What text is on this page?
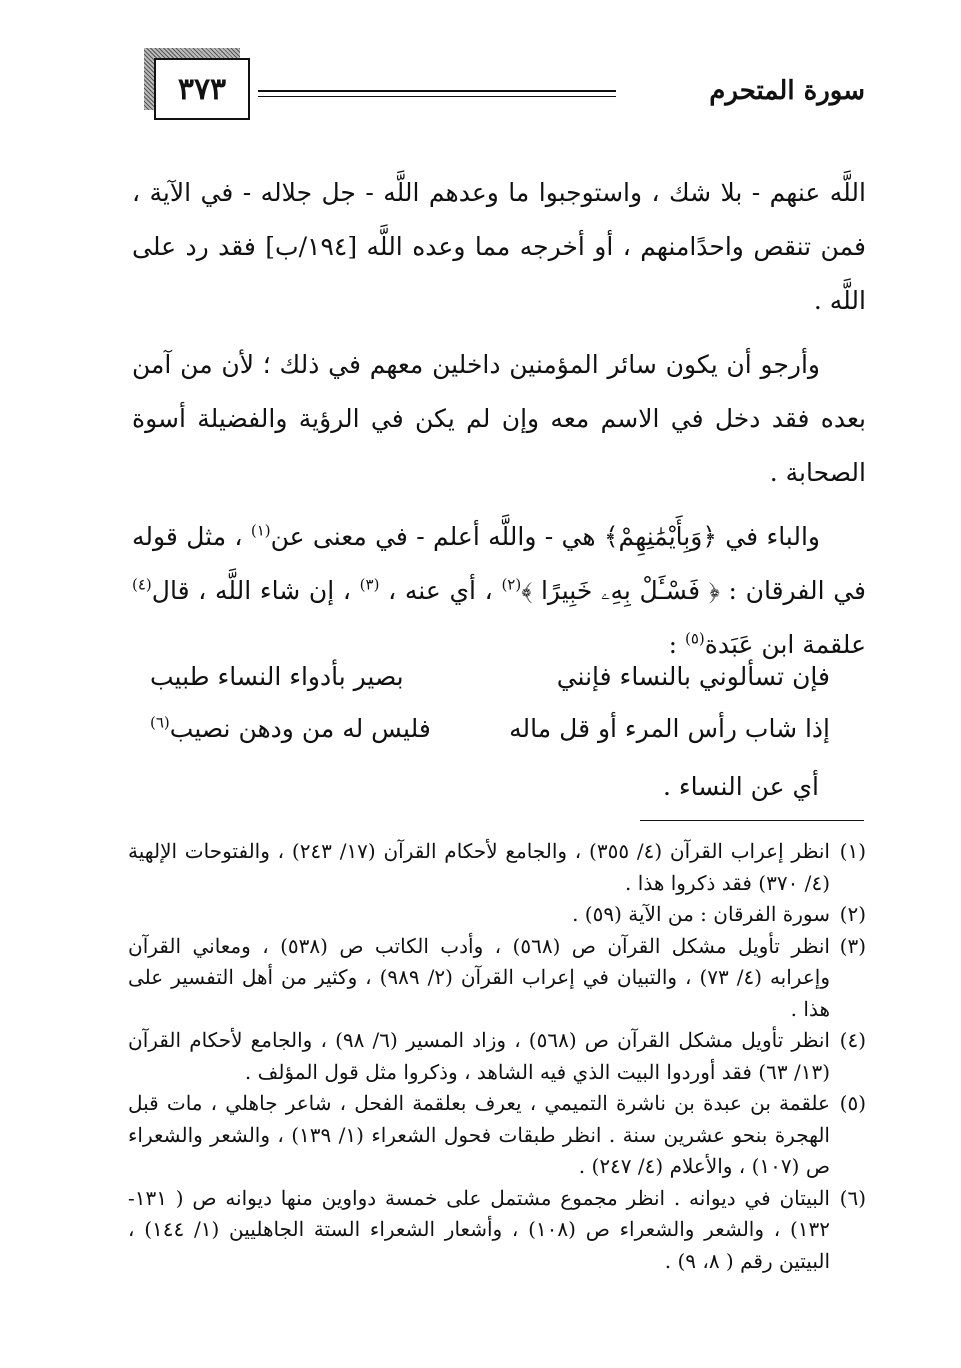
٣٧٣	سورة المتحرم

اللَّه عنهم - بلا شك ، واستوجبوا ما وعدهم اللَّه - جل جلاله - في الآية ، فمن تنقص واحدًامنهم ، أو أخرجه مما وعده اللَّه [١٩٤/ب] فقد رد على اللَّه .

وأرجو أن يكون سائر المؤمنين داخلين معهم في ذلك ؛ لأن من آمن بعده فقد دخل في الاسم معه وإن لم يكن في الرؤية والفضيلة أسوة الصحابة .

والباء في ﴿وَبِأَيْمَٰنِهِمْ﴾ هي - واللَّه أعلم - في معنى عن$^{(١)}$ ، مثل قوله في الفرقان : ﴿ فَسْـَٔلْ بِهِۦ خَبِيرًا ﴾$^{(٢)}$ ، أي عنه ، $^{(٣)}$ ، إن شاء اللَّه ، قال$^{(٤)}$ علقمة ابن عَبَدة$^{(٥)}$ :

فإن تسألوني بالنساء فإنني
بصير بأدواء النساء طبيب
إذا شاب رأس المرء أو قل ماله
فليس له من ودهن نصيب$^{(٦)}$
أي عن النساء .

(١)
انظر إعراب القرآن (٤/ ٣٥٥) ، والجامع لأحكام القرآن (١٧/ ٢٤٣) ، والفتوحات الإلهية (٤/ ٣٧٠) فقد ذكروا هذا .

(٢)
سورة الفرقان : من الآية (٥٩) .

(٣)
انظر تأويل مشكل القرآن ص (٥٦٨) ، وأدب الكاتب ص (٥٣٨) ، ومعاني القرآن وإعرابه (٤/ ٧٣) ، والتبيان في إعراب القرآن (٢/ ٩٨٩) ، وكثير من أهل التفسير على هذا .

(٤)
انظر تأويل مشكل القرآن ص (٥٦٨) ، وزاد المسير (٦/ ٩٨) ، والجامع لأحكام القرآن (١٣/ ٦٣) فقد أوردوا البيت الذي فيه الشاهد ، وذكروا مثل قول المؤلف .

(٥)
علقمة بن عبدة بن ناشرة التميمي ، يعرف بعلقمة الفحل ، شاعر جاهلي ، مات قبل الهجرة بنحو عشرين سنة . انظر طبقات فحول الشعراء (١/ ١٣٩) ، والشعر والشعراء ص (١٠٧) ، والأعلام (٤/ ٢٤٧) .

(٦)
البيتان في ديوانه . انظر مجموع مشتمل على خمسة دواوين منها ديوانه ص ( ١٣١- ١٣٢) ، والشعر والشعراء ص (١٠٨) ، وأشعار الشعراء الستة الجاهليين (١/ ١٤٤) ، البيتين رقم ( ٨، ٩) .
